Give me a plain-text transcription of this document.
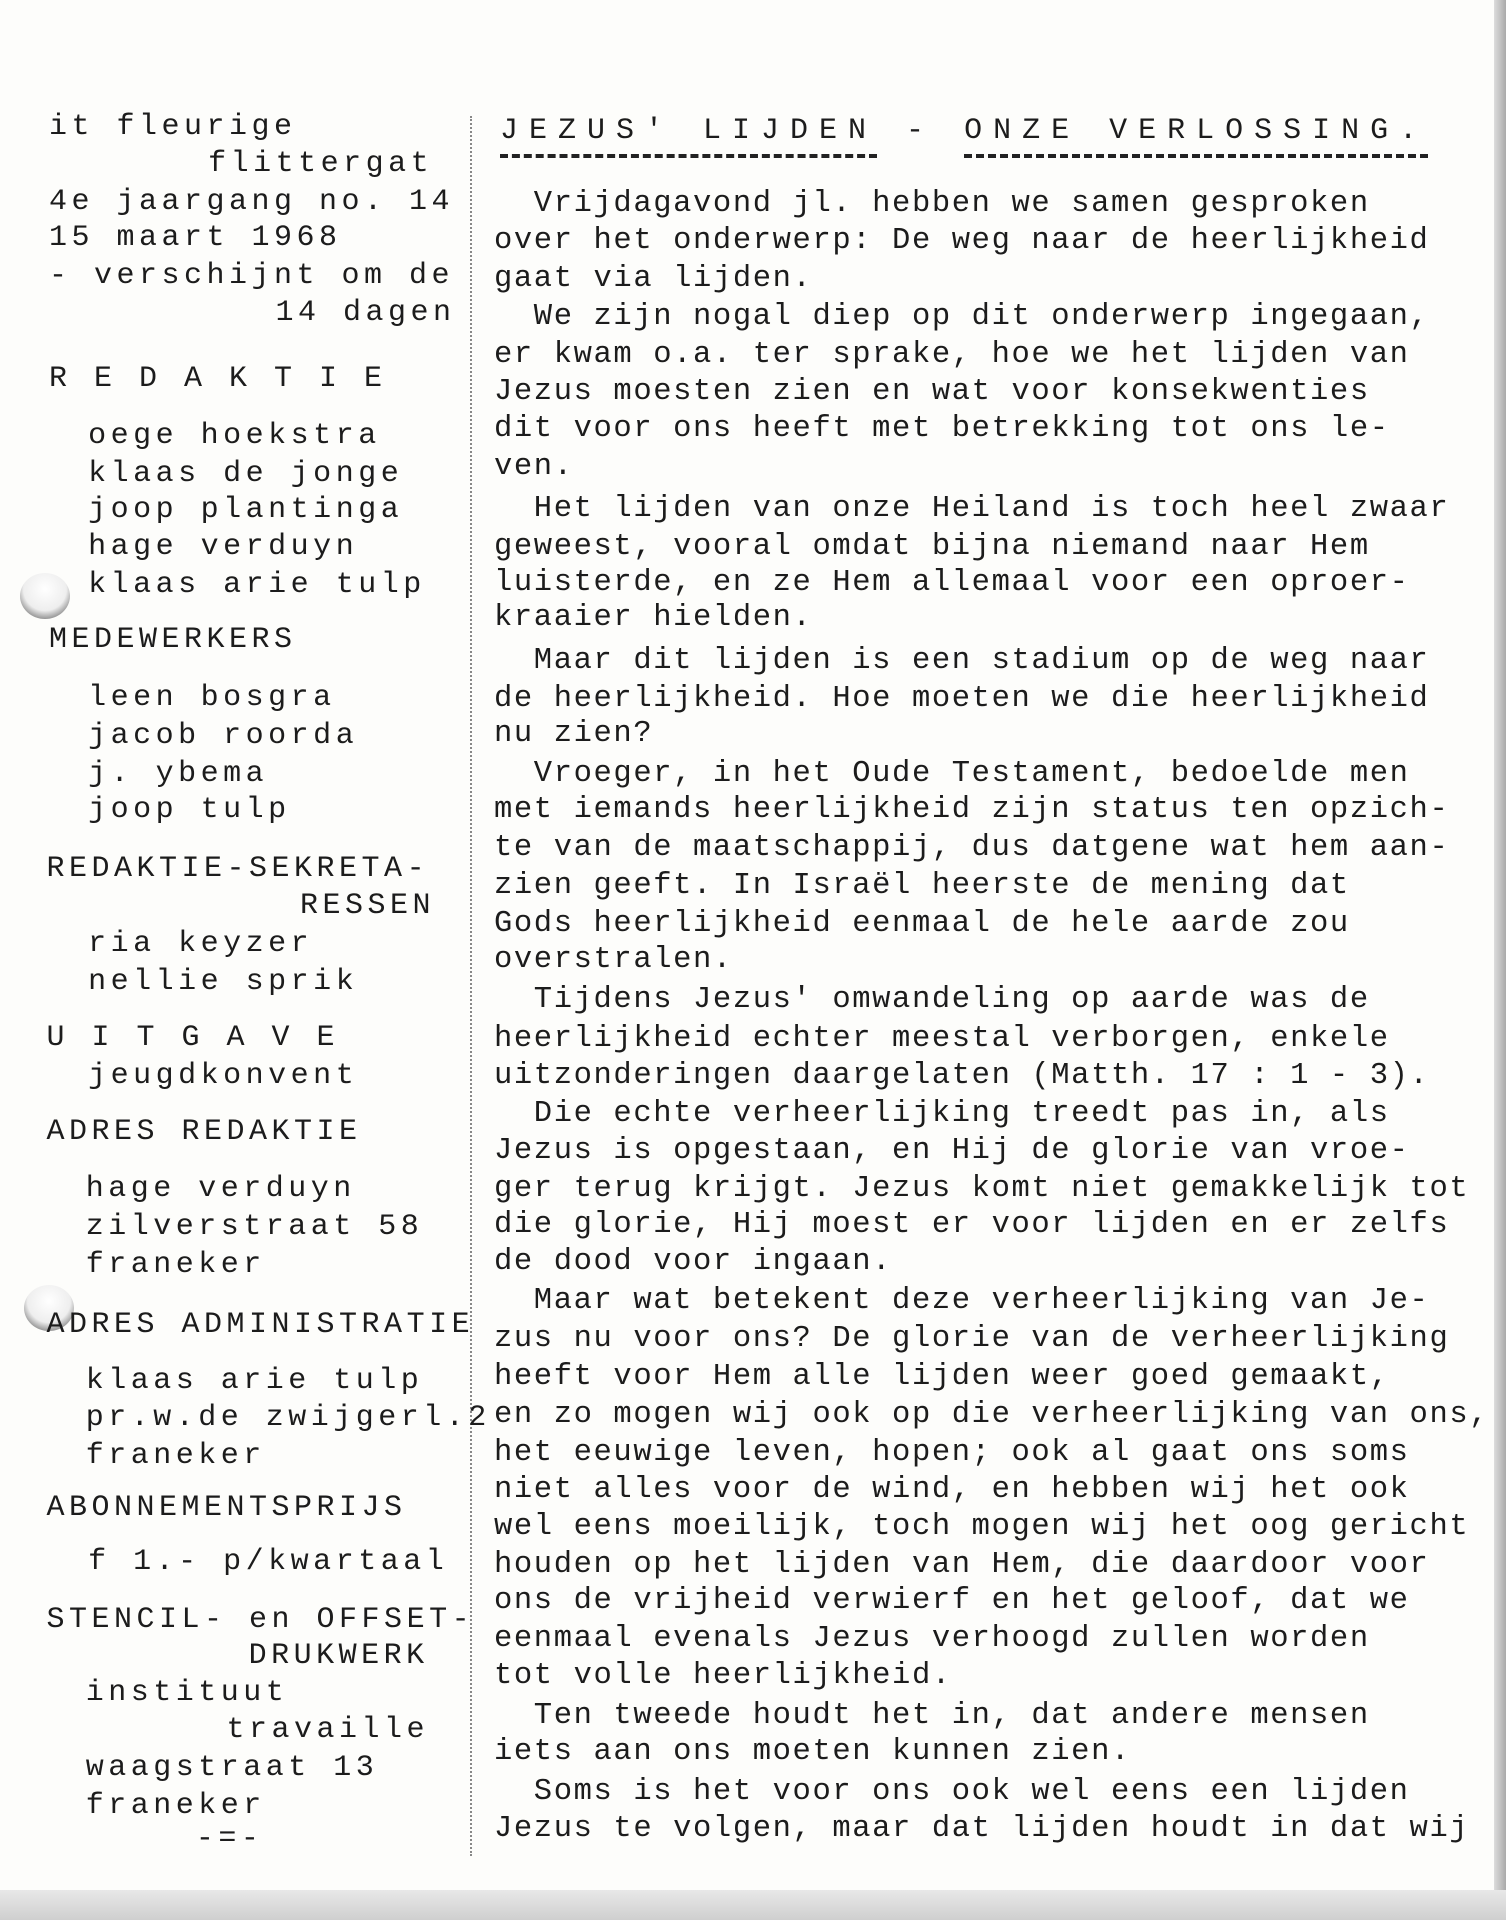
it fleurige
flittergat
4e jaargang no. 14
15 maart 1968
- verschijnt om de
14 dagen
R E D A K T I E
oege hoekstra
klaas de jonge
joop plantinga
hage verduyn
klaas arie tulp
MEDEWERKERS
leen bosgra
jacob roorda
j. ybema
joop tulp
REDAKTIE-SEKRETA-
RESSEN
ria keyzer
nellie sprik
U I T G A V E
jeugdkonvent
ADRES REDAKTIE
hage verduyn
zilverstraat 58
franeker
ADRES ADMINISTRATIE
klaas arie tulp
pr.w.de zwijgerl.2
franeker
ABONNEMENTSPRIJS
f 1.- p/kwartaal
STENCIL- en OFFSET-
DRUKWERK
instituut
travaille
waagstraat 13
franeker
-=-
JEZUS' LIJDEN - ONZE VERLOSSING.
Vrijdagavond jl. hebben we samen gesproken
over het onderwerp: De weg naar de heerlijkheid
gaat via lijden.
We zijn nogal diep op dit onderwerp ingegaan,
er kwam o.a. ter sprake, hoe we het lijden van
Jezus moesten zien en wat voor konsekwenties
dit voor ons heeft met betrekking tot ons le-
ven.
Het lijden van onze Heiland is toch heel zwaar
geweest, vooral omdat bijna niemand naar Hem
luisterde, en ze Hem allemaal voor een oproer-
kraaier hielden.
Maar dit lijden is een stadium op de weg naar
de heerlijkheid. Hoe moeten we die heerlijkheid
nu zien?
Vroeger, in het Oude Testament, bedoelde men
met iemands heerlijkheid zijn status ten opzich-
te van de maatschappij, dus datgene wat hem aan-
zien geeft. In Israël heerste de mening dat
Gods heerlijkheid eenmaal de hele aarde zou
overstralen.
Tijdens Jezus' omwandeling op aarde was de
heerlijkheid echter meestal verborgen, enkele
uitzonderingen daargelaten (Matth. 17 : 1 - 3).
Die echte verheerlijking treedt pas in, als
Jezus is opgestaan, en Hij de glorie van vroe-
ger terug krijgt. Jezus komt niet gemakkelijk tot
die glorie, Hij moest er voor lijden en er zelfs
de dood voor ingaan.
Maar wat betekent deze verheerlijking van Je-
zus nu voor ons? De glorie van de verheerlijking
heeft voor Hem alle lijden weer goed gemaakt,
en zo mogen wij ook op die verheerlijking van ons,
het eeuwige leven, hopen; ook al gaat ons soms
niet alles voor de wind, en hebben wij het ook
wel eens moeilijk, toch mogen wij het oog gericht
houden op het lijden van Hem, die daardoor voor
ons de vrijheid verwierf en het geloof, dat we
eenmaal evenals Jezus verhoogd zullen worden
tot volle heerlijkheid.
Ten tweede houdt het in, dat andere mensen
iets aan ons moeten kunnen zien.
Soms is het voor ons ook wel eens een lijden
Jezus te volgen, maar dat lijden houdt in dat wij
